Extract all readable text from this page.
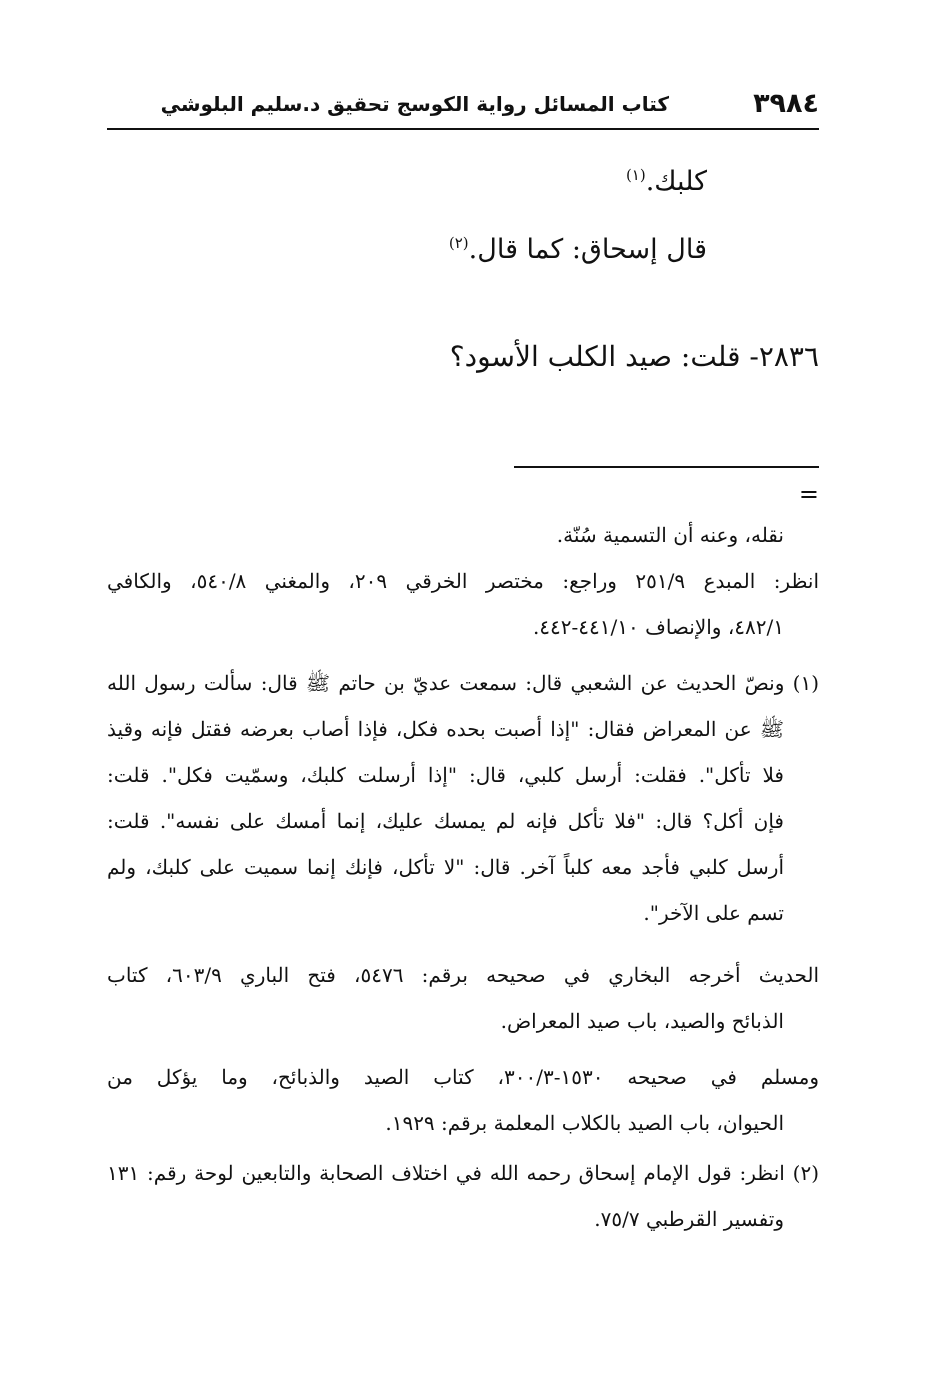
٣٩٨٤
كتاب المسائل رواية الكوسج تحقيق د.سليم البلوشي
كلبك.$^{(١)}$
قال إسحاق: كما قال.$^{(٢)}$
٢٨٣٦- قلت: صيد الكلب الأسود؟
=
نقله، وعنه أن التسمية سُنّة.
انظر: المبدع ٢٥١/٩ وراجع: مختصر الخرقي ٢٠٩، والمغني ٥٤٠/٨، والكافي
٤٨٢/١، والإنصاف ٤٤١/١٠-٤٤٢.
(١) ونصّ الحديث عن الشعبي قال: سمعت عديّ بن حاتم ﷺ قال: سألت رسول الله
ﷺ عن المعراض فقال: "إذا أصبت بحده فكل، فإذا أصاب بعرضه فقتل فإنه وقيذ
فلا تأكل". فقلت: أرسل كلبي، قال: "إذا أرسلت كلبك، وسمّيت فكل". قلت:
فإن أكل؟ قال: "فلا تأكل فإنه لم يمسك عليك، إنما أمسك على نفسه". قلت:
أرسل كلبي فأجد معه كلباً آخر. قال: "لا تأكل، فإنك إنما سميت على كلبك، ولم
تسم على الآخر".
الحديث أخرجه البخاري في صحيحه برقم: ٥٤٧٦، فتح الباري ٦٠٣/٩، كتاب
الذبائح والصيد، باب صيد المعراض.
ومسلم في صحيحه ١٥٣٠-٣٠٠/٣، كتاب الصيد والذبائح، وما يؤكل من
الحيوان، باب الصيد بالكلاب المعلمة برقم: ١٩٢٩.
(٢) انظر: قول الإمام إسحاق رحمه الله في اختلاف الصحابة والتابعين لوحة رقم: ١٣١
وتفسير القرطبي ٧٥/٧.
